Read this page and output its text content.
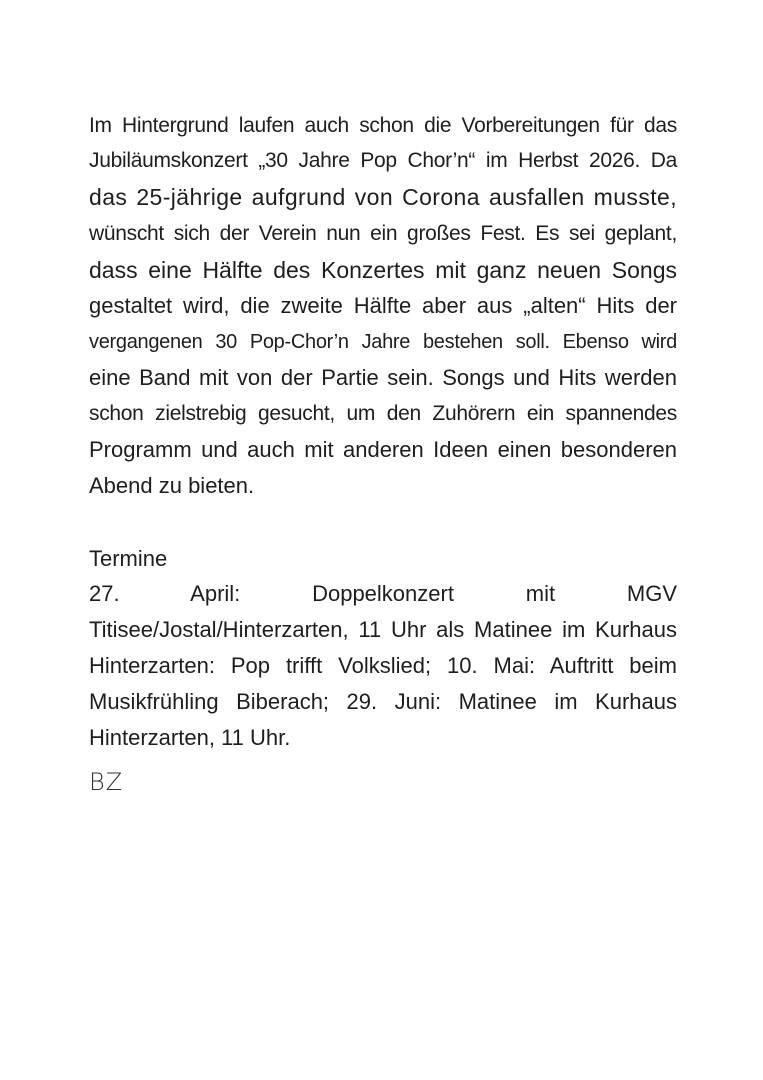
Im Hintergrund laufen auch schon die Vorbereitungen für das
Jubiläumskonzert „30 Jahre Pop Chor’n“ im Herbst 2026. Da
das 25-jährige aufgrund von Corona ausfallen musste,
wünscht sich der Verein nun ein großes Fest. Es sei geplant,
dass eine Hälfte des Konzertes mit ganz neuen Songs
gestaltet wird, die zweite Hälfte aber aus „alten“ Hits der
vergangenen 30 Pop-Chor’n Jahre bestehen soll. Ebenso wird
eine Band mit von der Partie sein. Songs und Hits werden
schon zielstrebig gesucht, um den Zuhörern ein spannendes
Programm und auch mit anderen Ideen einen besonderen
Abend zu bieten.
Termine
27. April: Doppelkonzert mit MGV
Titisee/Jostal/Hinterzarten, 11 Uhr als Matinee im Kurhaus
Hinterzarten: Pop trifft Volkslied; 10. Mai: Auftritt beim
Musikfrühling Biberach; 29. Juni: Matinee im Kurhaus
Hinterzarten, 11 Uhr.
BZ
